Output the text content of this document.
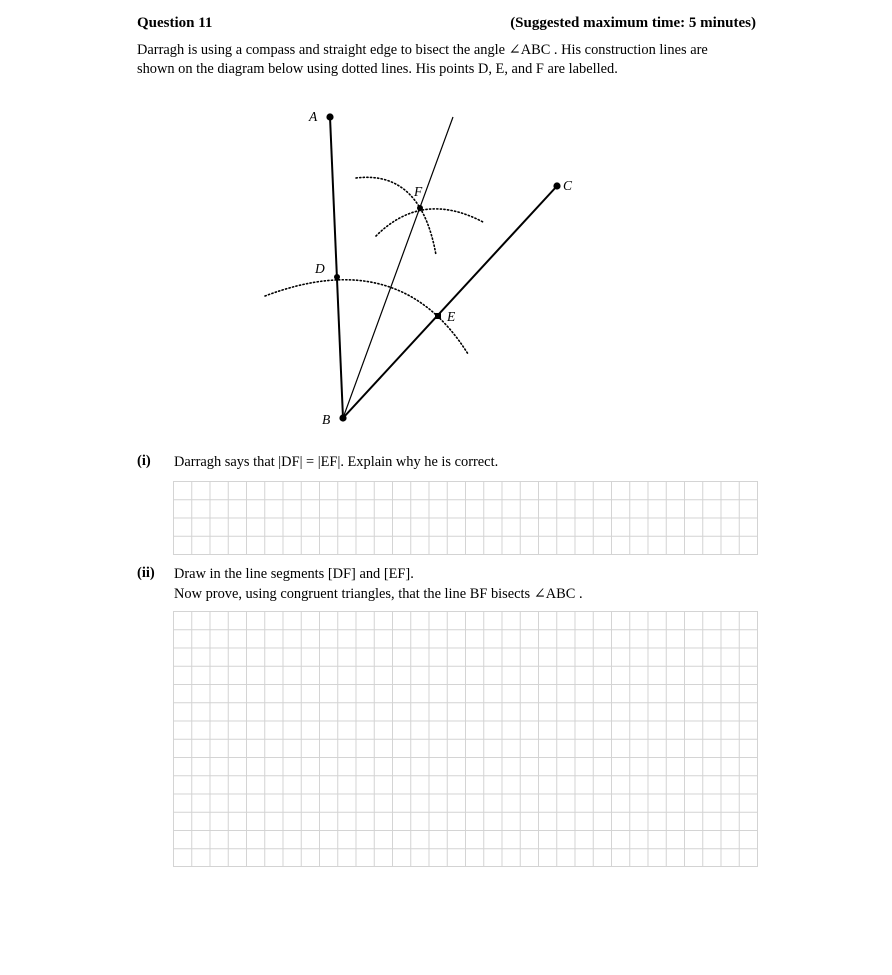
Question 11	(Suggested maximum time: 5 minutes)

Darragh is using a compass and straight edge to bisect the angle ∠ABC . His construction lines are

shown on the diagram below using dotted lines. His points D, E, and F are labelled.

A
B
C
D
E
F
(i) Darragh says that |DF| = |EF|. Explain why he is correct.

(ii) Draw in the line segments [DF] and [EF].

Now prove, using congruent triangles, that the line BF bisects ∠ABC .
